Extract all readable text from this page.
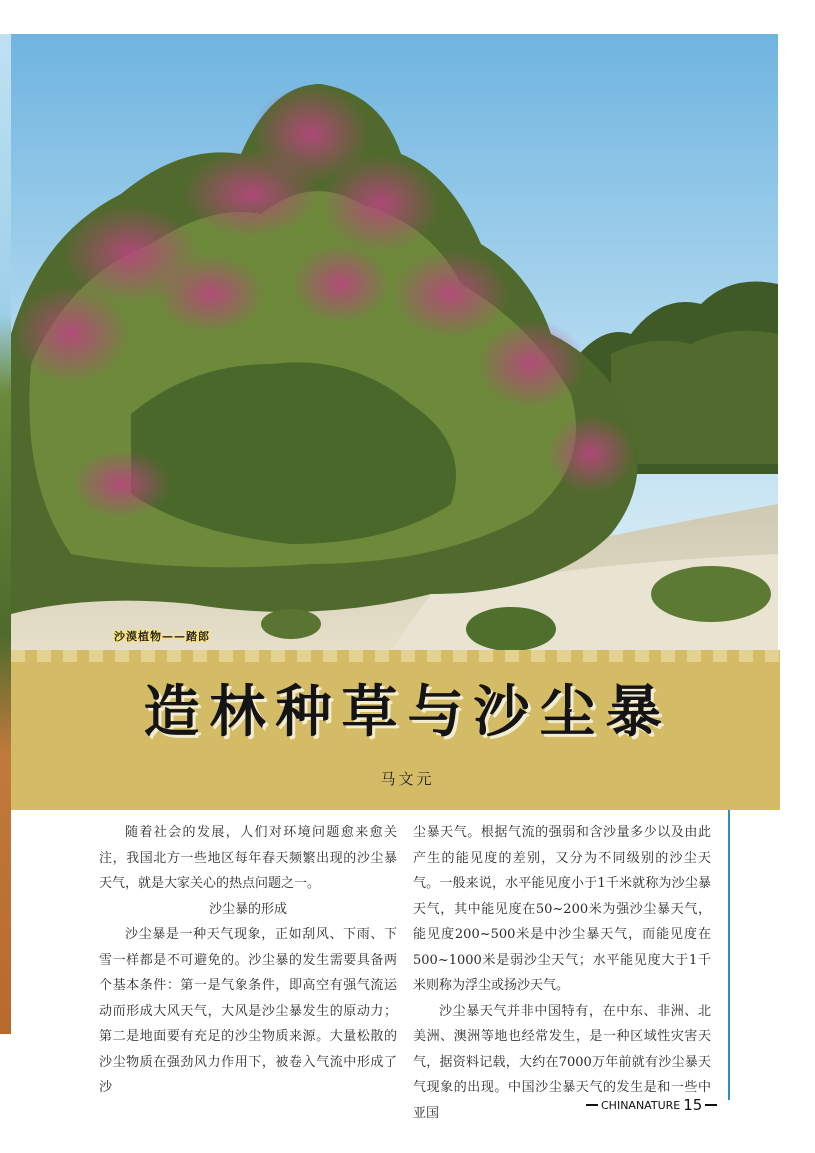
沙漠植物——踏郎
造林种草与沙尘暴
马文元

随着社会的发展，人们对环境问题愈来愈关注，我国北方一些地区每年春天频繁出现的沙尘暴天气，就是大家关心的热点问题之一。

沙尘暴的形成

沙尘暴是一种天气现象，正如刮风、下雨、下雪一样都是不可避免的。沙尘暴的发生需要具备两个基本条件：第一是气象条件，即高空有强气流运动而形成大风天气，大风是沙尘暴发生的原动力；第二是地面要有充足的沙尘物质来源。大量松散的沙尘物质在强劲风力作用下，被卷入气流中形成了沙

尘暴天气。根据气流的强弱和含沙量多少以及由此产生的能见度的差别，又分为不同级别的沙尘天气。一般来说，水平能见度小于1千米就称为沙尘暴天气，其中能见度在50~200米为强沙尘暴天气，能见度200~500米是中沙尘暴天气，而能见度在500~1000米是弱沙尘天气；水平能见度大于1千米则称为浮尘或扬沙天气。

沙尘暴天气并非中国特有，在中东、非洲、北美洲、澳洲等地也经常发生，是一种区域性灾害天气，据资料记载，大约在7000万年前就有沙尘暴天气现象的出现。中国沙尘暴天气的发生是和一些中亚国

CHINANATURE 15
